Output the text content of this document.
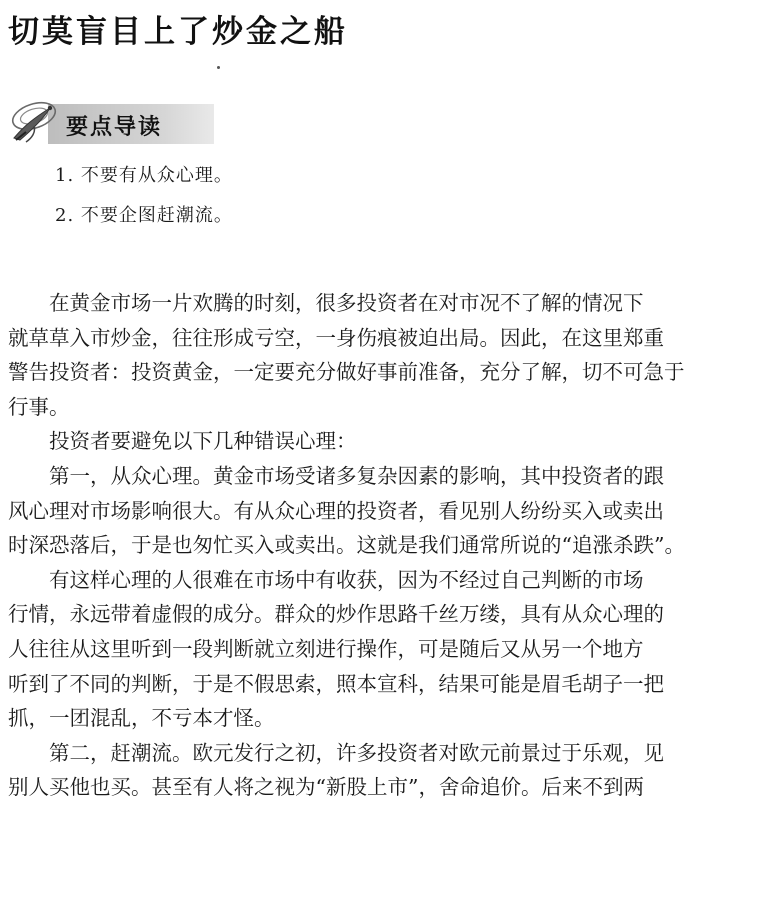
切莫盲目上了炒金之船
要点导读
1. 不要有从众心理。
2. 不要企图赶潮流。
在黄金市场一片欢腾的时刻，很多投资者在对市况不了解的情况下
就草草入市炒金，往往形成亏空，一身伤痕被迫出局。因此，在这里郑重
警告投资者：投资黄金，一定要充分做好事前准备，充分了解，切不可急于
行事。
投资者要避免以下几种错误心理：
第一，从众心理。黄金市场受诸多复杂因素的影响，其中投资者的跟
风心理对市场影响很大。有从众心理的投资者，看见别人纷纷买入或卖出
时深恐落后，于是也匆忙买入或卖出。这就是我们通常所说的“追涨杀跌”。
有这样心理的人很难在市场中有收获，因为不经过自己判断的市场
行情，永远带着虚假的成分。群众的炒作思路千丝万缕，具有从众心理的
人往往从这里听到一段判断就立刻进行操作，可是随后又从另一个地方
听到了不同的判断，于是不假思索，照本宣科，结果可能是眉毛胡子一把
抓，一团混乱，不亏本才怪。
第二，赶潮流。欧元发行之初，许多投资者对欧元前景过于乐观，见
别人买他也买。甚至有人将之视为“新股上市”，舍命追价。后来不到两
